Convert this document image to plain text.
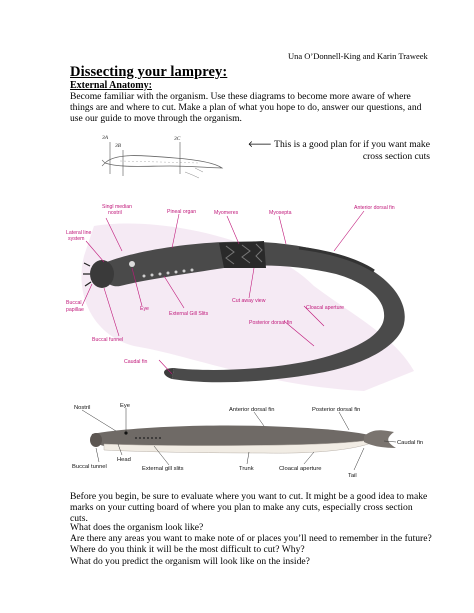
Una O’Donnell-King and Karin Traweek
Dissecting your lamprey:
External Anatomy:
Become familiar with the organism. Use these diagrams to become more aware of where things are and where to cut. Make a plan of what you hope to do, answer our questions, and use our guide to move through the organism.
3A
3B
3C
🡐 This is a good plan for if you want make
cross section cuts
Singl median
nostril	Pineal organ	Myomeres	Myosepta
Anterior dorsal fin
Lateral line
system
Buccal
papillae	Eye
External Gill Slits
Cut away view
Cloacal aperture
Posterior dorsal fin
Buccal funnel
Caudal fin
Nostril	Eye
Anterior dorsal fin	Posterior dorsal fin
Caudal fin
Head
Buccal tunnel	External gill slits	Trunk	Cloacal aperture
Tail
Before you begin, be sure to evaluate where you want to cut. It might be a good idea to make marks on your cutting board of where you plan to make any cuts, especially cross section cuts.
What does the organism look like?
Are there any areas you want to make note of or places you’ll need to remember in the future?
Where do you think it will be the most difficult to cut? Why?
What do you predict the organism will look like on the inside?
